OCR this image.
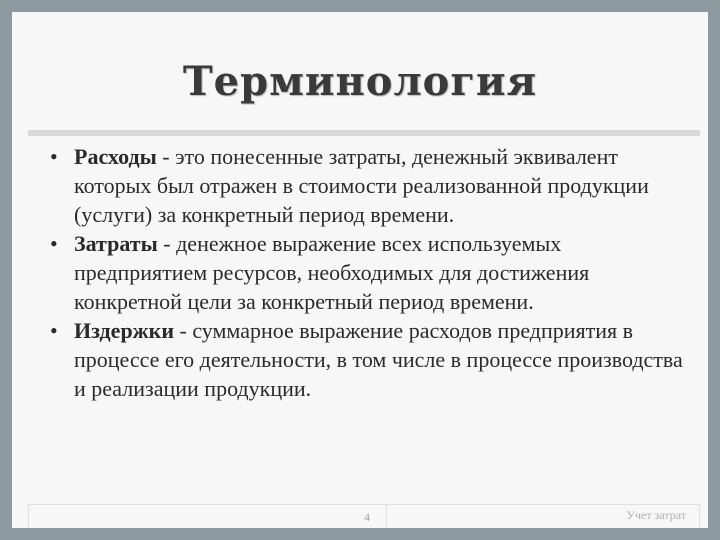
Терминология
• Расходы - это понесенные затраты, денежный эквивалент которых был отражен в стоимости реализованной продукции (услуги) за конкретный период времени.
• Затраты - денежное выражение всех используемых предприятием ресурсов, необходимых для достижения конкретной цели за конкретный период времени.
• Издержки - суммарное выражение расходов предприятия в процессе его деятельности, в том числе в процессе производства и реализации продукции.
4	Учет затрат
